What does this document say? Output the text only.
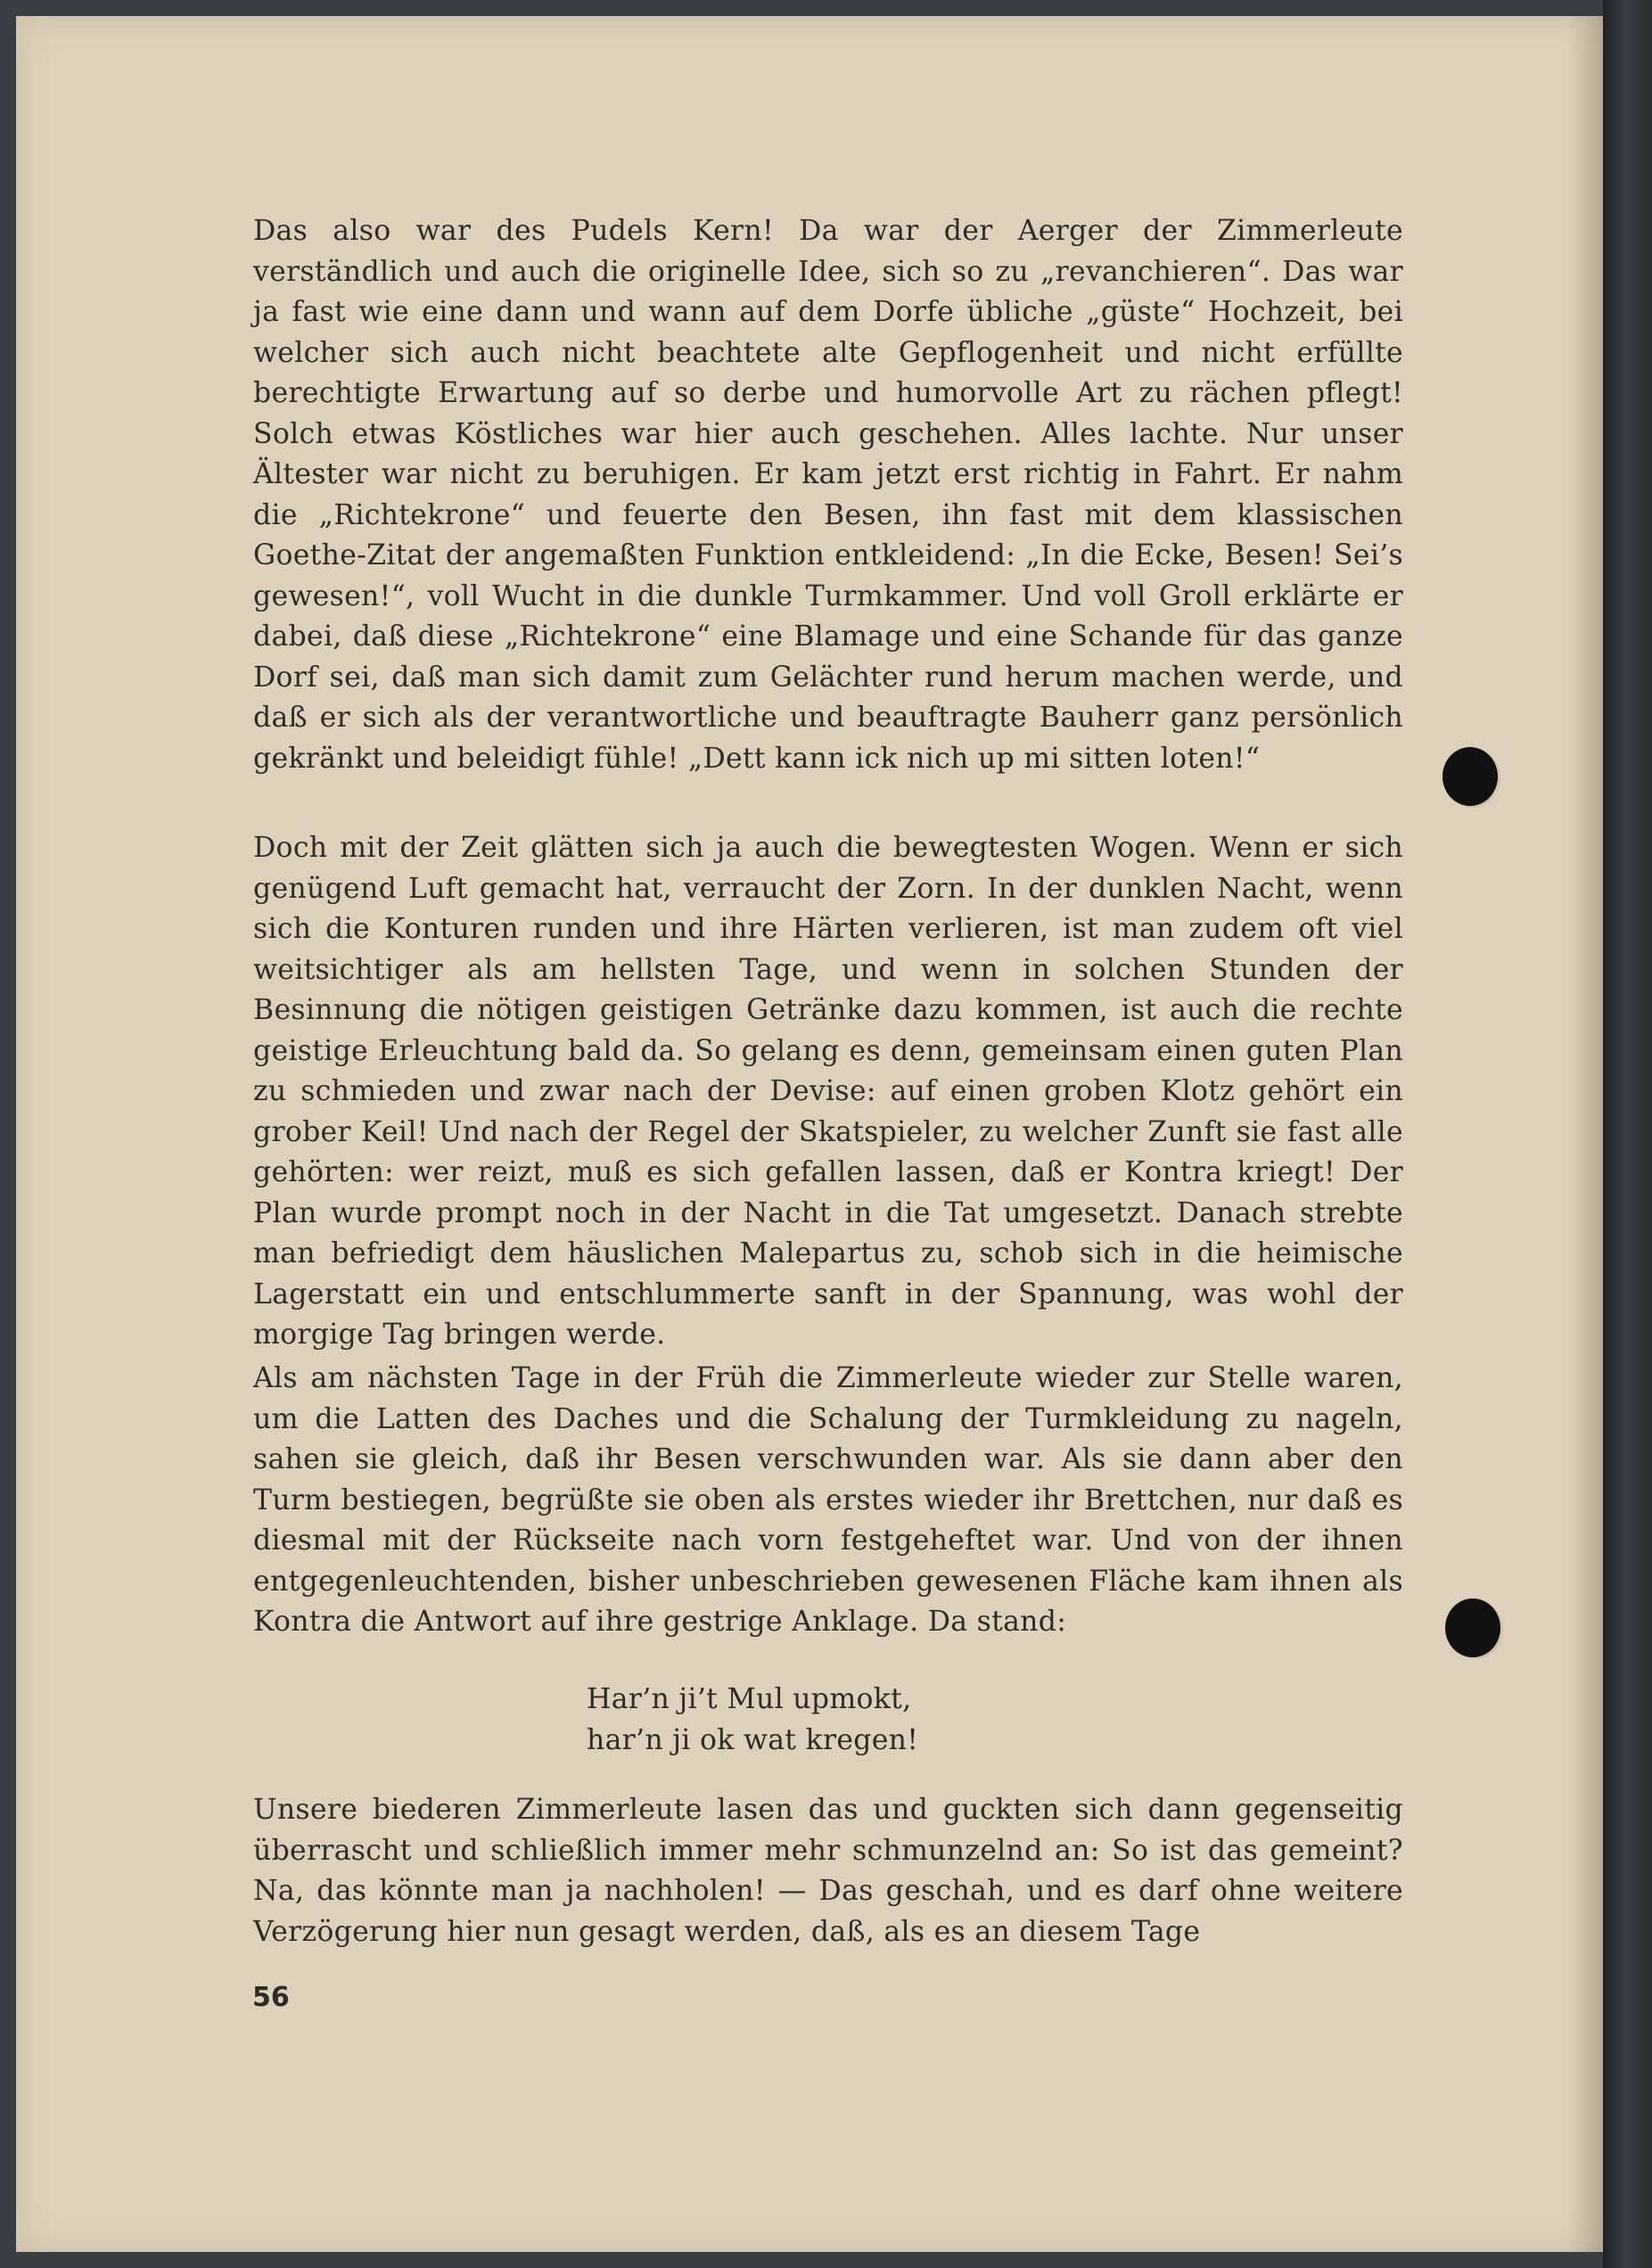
Das also war des Pudels Kern! Da war der Aerger der Zimmerleute verständlich und auch die originelle Idee, sich so zu „revanchieren“. Das war ja fast wie eine dann und wann auf dem Dorfe übliche „güste“ Hochzeit, bei welcher sich auch nicht beachtete alte Gepflogenheit und nicht erfüllte berechtigte Erwartung auf so derbe und humorvolle Art zu rächen pflegt! Solch etwas Köstliches war hier auch geschehen. Alles lachte. Nur unser Ältester war nicht zu beruhigen. Er kam jetzt erst richtig in Fahrt. Er nahm die „Richtekrone“ und feuerte den Besen, ihn fast mit dem klassischen Goethe-Zitat der angemaßten Funktion entkleidend: „In die Ecke, Besen! Sei’s gewesen!“, voll Wucht in die dunkle Turmkammer. Und voll Groll erklärte er dabei, daß diese „Richtekrone“ eine Blamage und eine Schande für das ganze Dorf sei, daß man sich damit zum Gelächter rund herum machen werde, und daß er sich als der verantwortliche und beauftragte Bauherr ganz persönlich gekränkt und beleidigt fühle! „Dett kann ick nich up mi sitten loten!“

Doch mit der Zeit glätten sich ja auch die bewegtesten Wogen. Wenn er sich genügend Luft gemacht hat, verraucht der Zorn. In der dunklen Nacht, wenn sich die Konturen runden und ihre Härten verlieren, ist man zudem oft viel weitsichtiger als am hellsten Tage, und wenn in solchen Stunden der Besinnung die nötigen geistigen Getränke dazu kommen, ist auch die rechte geistige Erleuchtung bald da. So gelang es denn, gemeinsam einen guten Plan zu schmieden und zwar nach der Devise: auf einen groben Klotz gehört ein grober Keil! Und nach der Regel der Skatspieler, zu welcher Zunft sie fast alle gehörten: wer reizt, muß es sich gefallen lassen, daß er Kontra kriegt! Der Plan wurde prompt noch in der Nacht in die Tat umgesetzt. Danach strebte man befriedigt dem häuslichen Malepartus zu, schob sich in die heimische Lagerstatt ein und entschlummerte sanft in der Spannung, was wohl der morgige Tag bringen werde.

Als am nächsten Tage in der Früh die Zimmerleute wieder zur Stelle waren, um die Latten des Daches und die Schalung der Turmkleidung zu nageln, sahen sie gleich, daß ihr Besen verschwunden war. Als sie dann aber den Turm bestiegen, begrüßte sie oben als erstes wieder ihr Brettchen, nur daß es diesmal mit der Rückseite nach vorn festgeheftet war. Und von der ihnen entgegenleuchtenden, bisher unbeschrieben gewesenen Fläche kam ihnen als Kontra die Antwort auf ihre gestrige Anklage. Da stand:

Har’n ji’t Mul upmokt,
har’n ji ok wat kregen!

Unsere biederen Zimmerleute lasen das und guckten sich dann gegenseitig überrascht und schließlich immer mehr schmunzelnd an: So ist das gemeint? Na, das könnte man ja nachholen! — Das geschah, und es darf ohne weitere Verzögerung hier nun gesagt werden, daß, als es an diesem Tage

56
